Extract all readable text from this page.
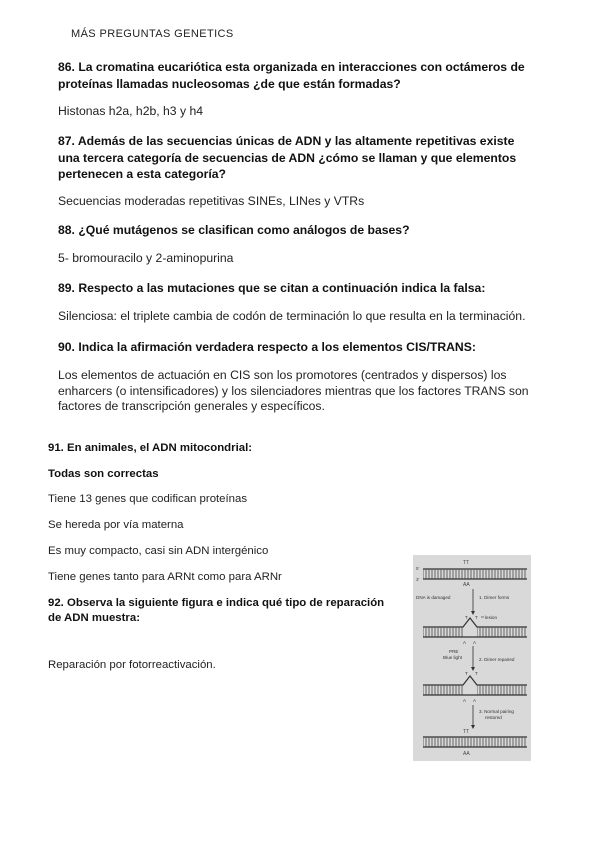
MÁS PREGUNTAS GENETICS
86. La cromatina eucariótica esta organizada en interacciones con octámeros de proteínas llamadas nucleosomas ¿de que están formadas?
Histonas h2a, h2b, h3 y h4
87. Además de las secuencias únicas de ADN y las altamente repetitivas existe una tercera categoría de secuencias de ADN ¿cómo se llaman y que elementos pertenecen a esta categoría?
Secuencias moderadas repetitivas SINEs, LINes y VTRs
88. ¿Qué mutágenos se clasifican como análogos de bases?
5- bromouracilo y 2-aminopurina
89. Respecto a las mutaciones que se citan a continuación indica la falsa:
Silenciosa: el triplete cambia de codón de terminación lo que resulta en la terminación.
90. Indica la afirmación verdadera respecto a los elementos CIS/TRANS:
Los elementos de actuación en CIS son los promotores (centrados y dispersos) los enharcers (o intensificadores) y los silenciadores mientras que los factores TRANS son factores de transcripción generales y específicos.
91. En animales, el ADN mitocondrial:
Todas son correctas
Tiene 13 genes que codifican proteínas
Se hereda por vía materna
Es muy compacto, casi sin ADN intergénico
Tiene genes tanto para ARNt como para ARNr
92. Observa la siguiente figura e indica qué tipo de reparación de ADN muestra:
Reparación por fotorreactivación.
TT
5'
3'
AA
DNA is damaged	1. Dimer forms
T T lesion
A A
PRE
Blue light	2. Dimer repaired
T T
A A
3. Normal pairing
restored
TT
AA
